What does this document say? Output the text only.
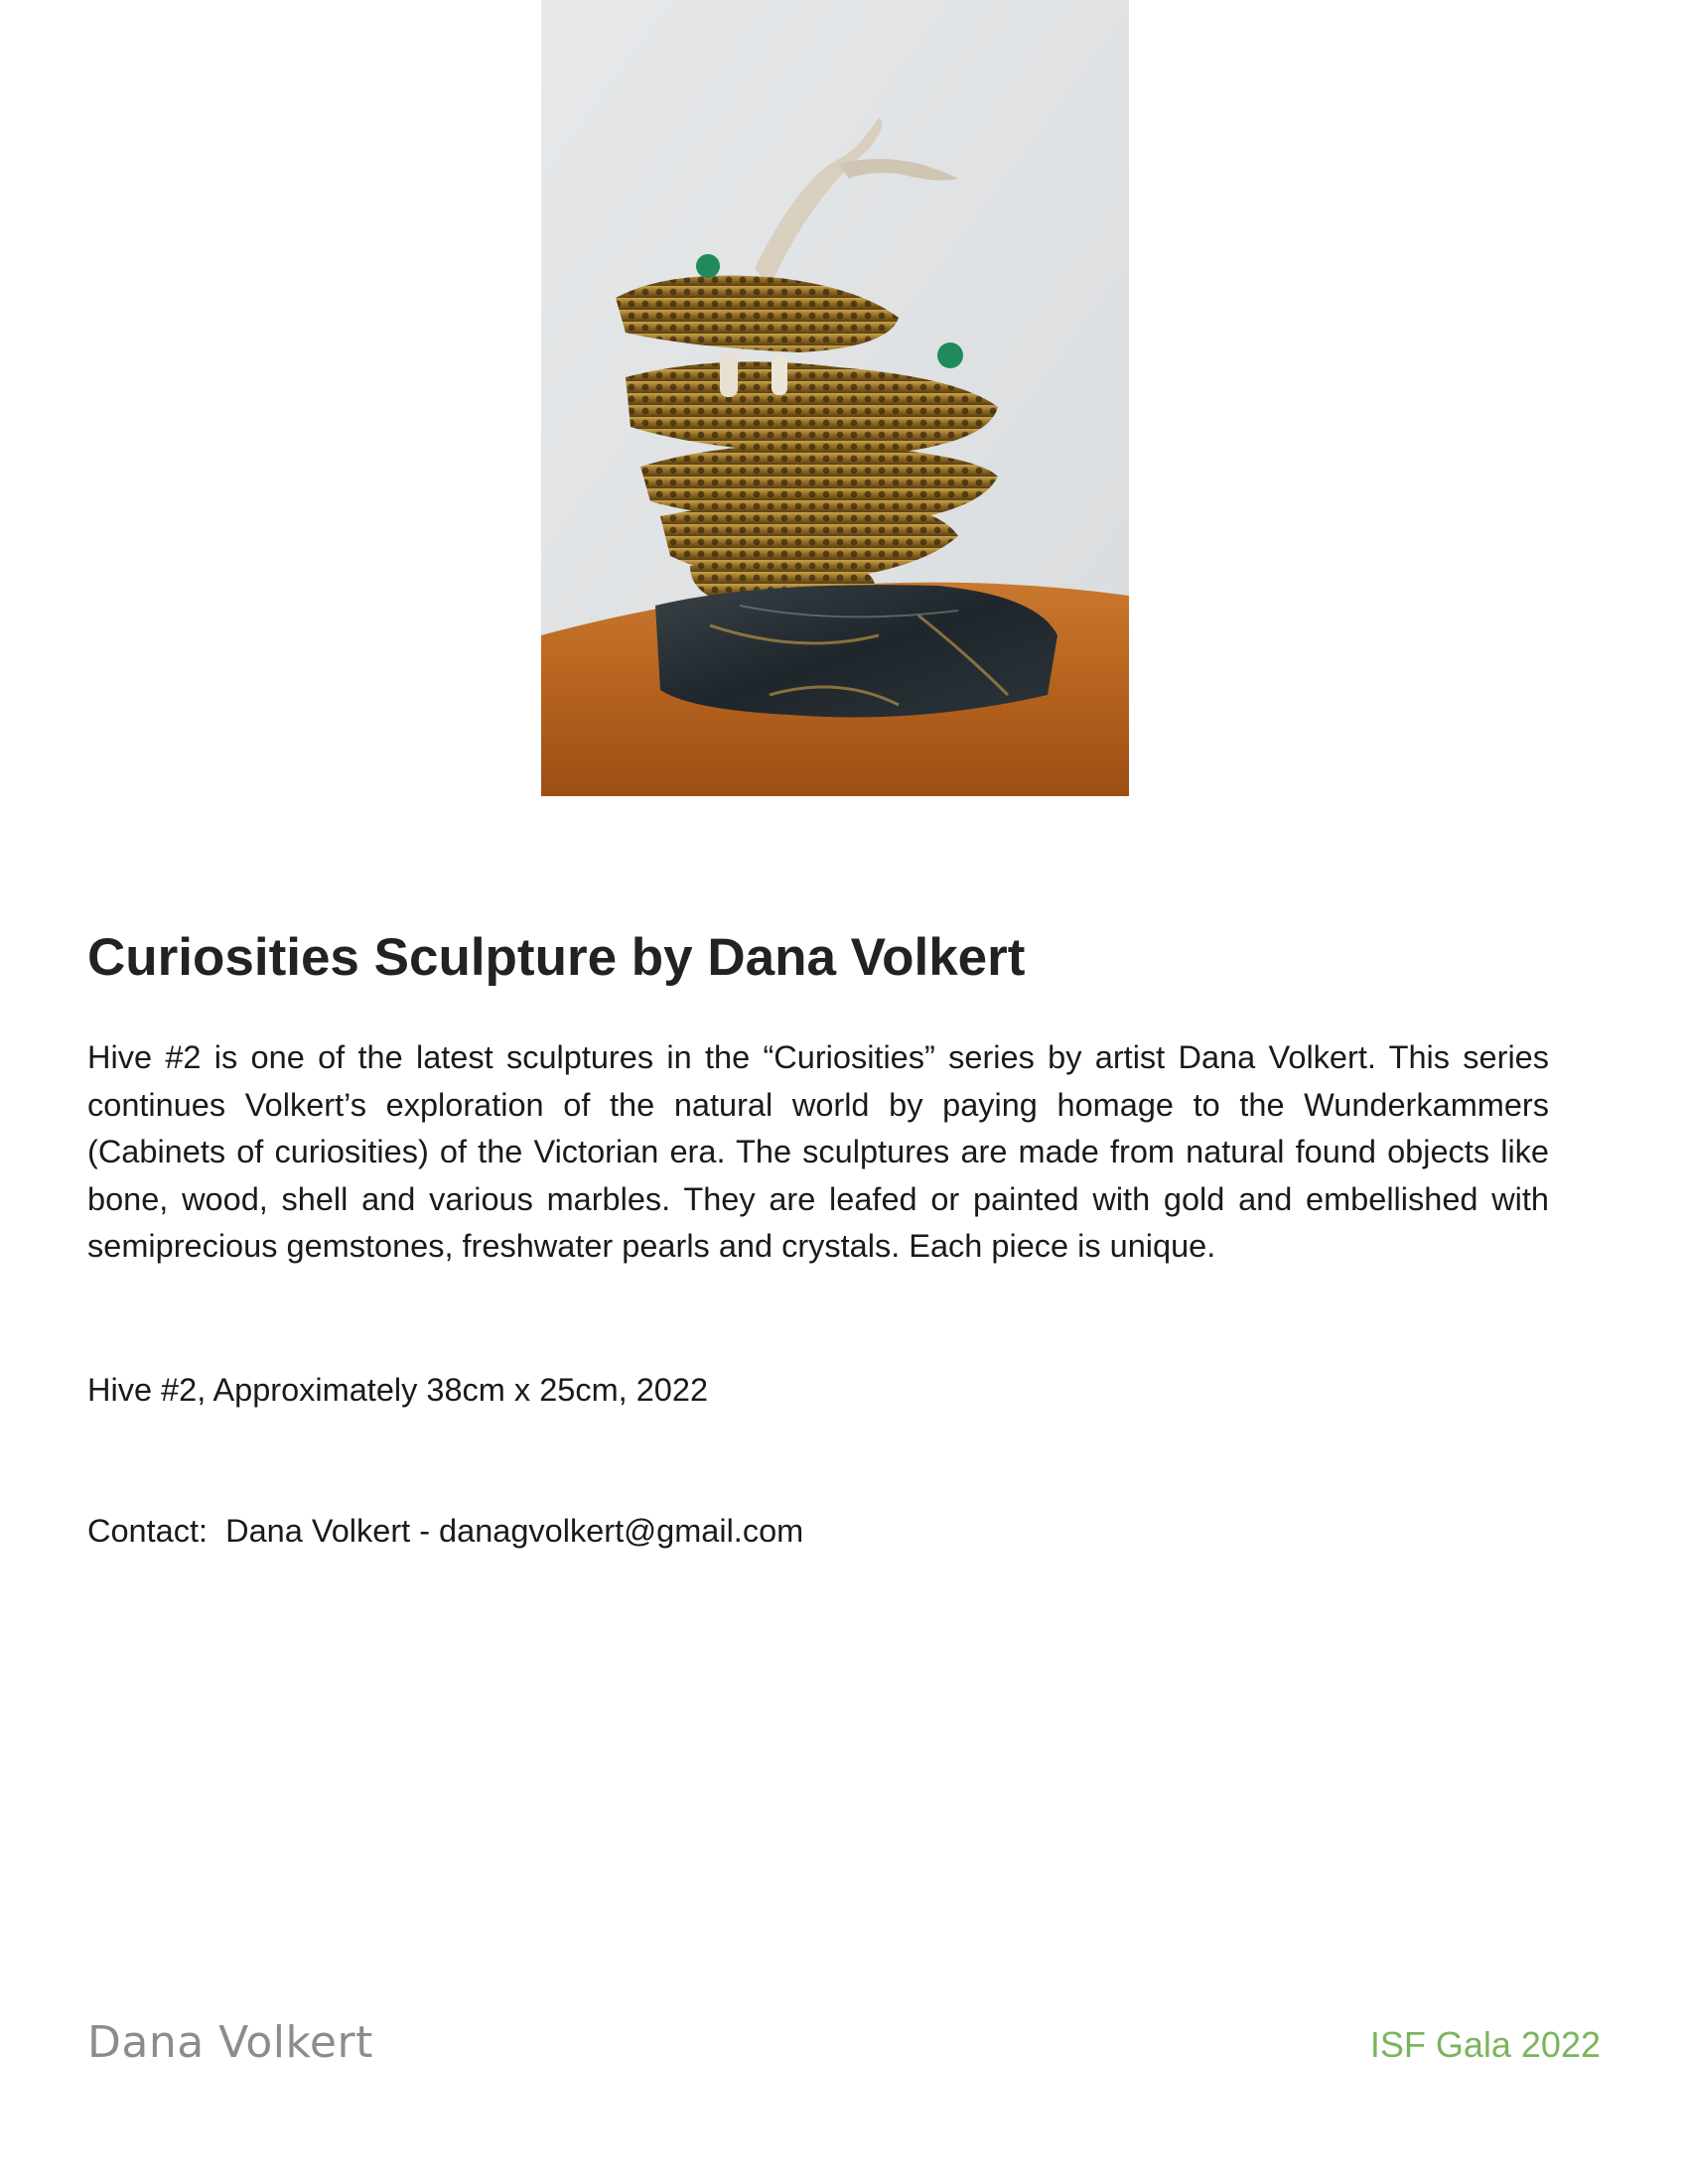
Curiosities Sculpture by Dana Volkert

Hive #2 is one of the latest sculptures in the “Curiosities” series by artist Dana Volkert. This series continues Volkert’s exploration of the natural world by paying homage to the Wunderkammers (Cabinets of curiosities) of the Victorian era. The sculptures are made from natural found objects like bone, wood, shell and various marbles. They are leafed or painted with gold and embellished with semiprecious gemstones, freshwater pearls and crystals. Each piece is unique.

Hive #2, Approximately 38cm x 25cm, 2022

Contact:  Dana Volkert - danagvolkert@gmail.com

Dana Volkert	ISF Gala 2022
